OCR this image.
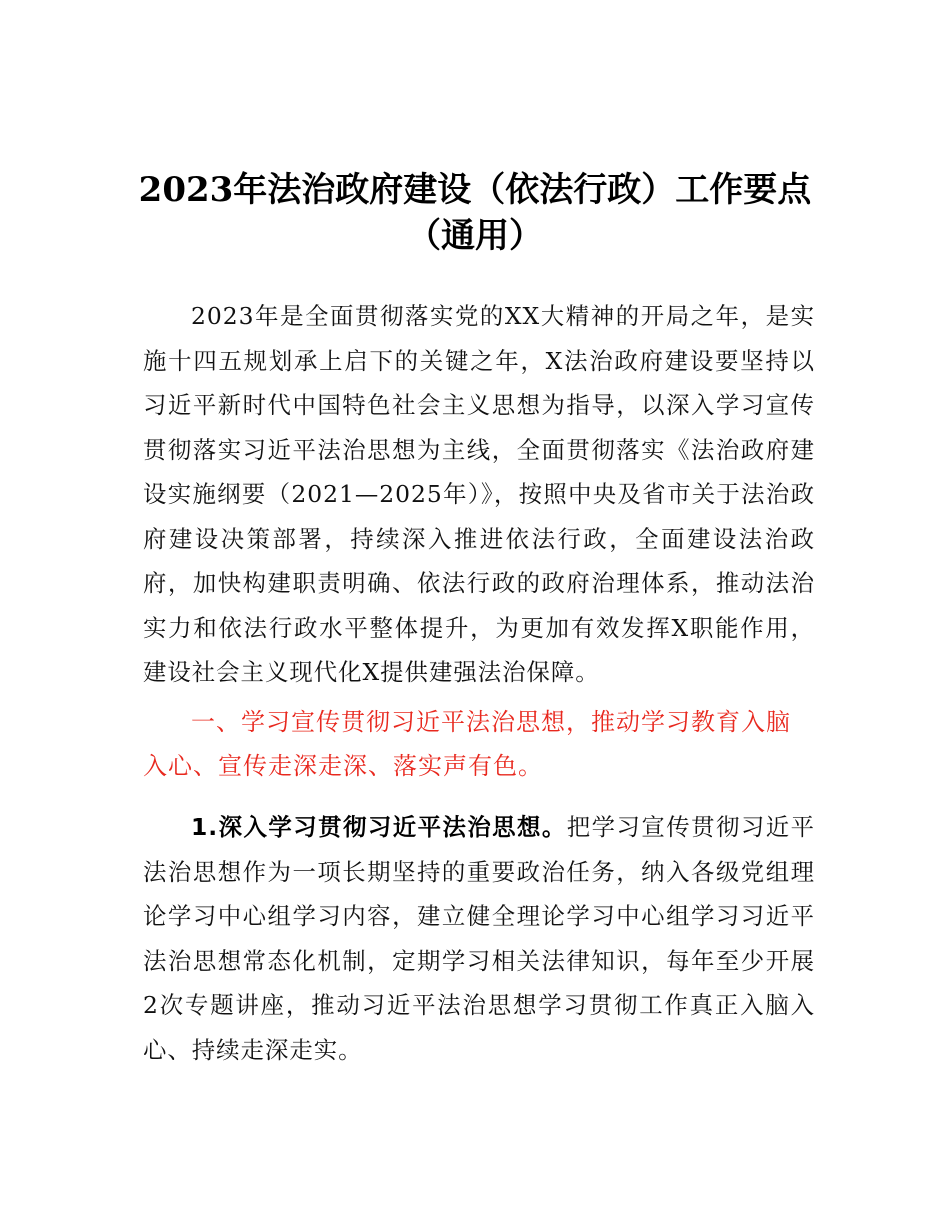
2023年法治政府建设（依法行政）工作要点
（通用）

2023年是全面贯彻落实党的XX大精神的开局之年，是实施十四五规划承上启下的关键之年，X法治政府建设要坚持以习近平新时代中国特色社会主义思想为指导，以深入学习宣传贯彻落实习近平法治思想为主线，全面贯彻落实《法治政府建设实施纲要（2021—2025年）》，按照中央及省市关于法治政府建设决策部署，持续深入推进依法行政，全面建设法治政府，加快构建职责明确、依法行政的政府治理体系，推动法治实力和依法行政水平整体提升，为更加有效发挥X职能作用，建设社会主义现代化X提供建强法治保障。

一、学习宣传贯彻习近平法治思想，推动学习教育入脑入心、宣传走深走深、落实声有色。

1.深入学习贯彻习近平法治思想。把学习宣传贯彻习近平法治思想作为一项长期坚持的重要政治任务，纳入各级党组理论学习中心组学习内容，建立健全理论学习中心组学习习近平法治思想常态化机制，定期学习相关法律知识，每年至少开展2次专题讲座，推动习近平法治思想学习贯彻工作真正入脑入心、持续走深走实。
